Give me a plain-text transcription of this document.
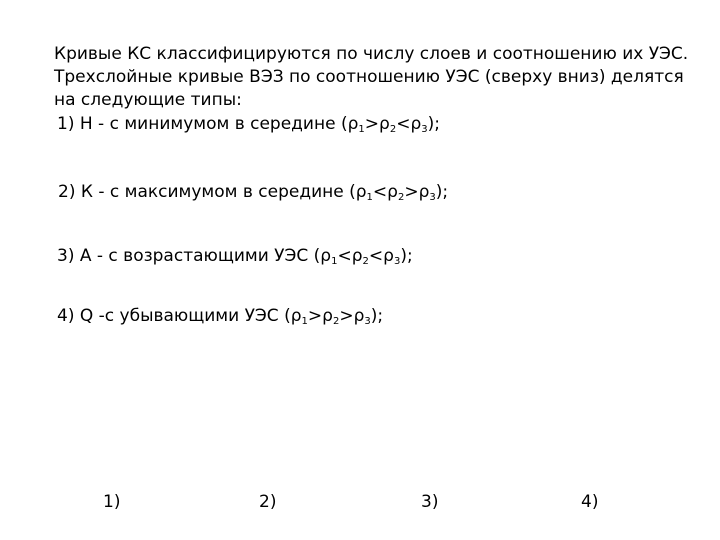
Кривые КС классифицируются по числу слоев и соотношению их УЭС. Трехслойные кривые ВЭЗ по соотношению УЭС (сверху вниз) делятся на следующие типы:

1) Н - с минимумом в середине $(\rho_1>\rho_2<\rho_3)$;

2) К - с максимумом в середине $(\rho_1<\rho_2>\rho_3)$;

3) А - с возрастающими УЭС $(\rho_1<\rho_2<\rho_3)$;

4) Q -с убывающими УЭС $(\rho_1>\rho_2>\rho_3)$;

1)	2)	3)	4)
